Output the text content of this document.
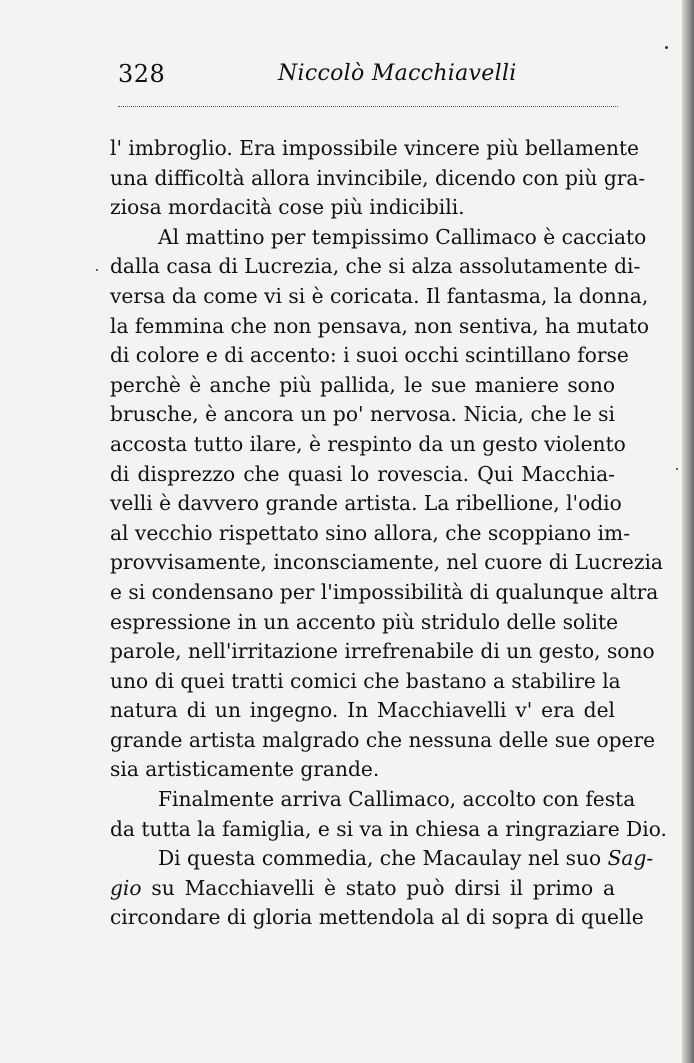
328	Niccolò Macchiavelli

l' imbroglio. Era impossibile vincere più bellamente
una difficoltà allora invincibile, dicendo con più gra-
ziosa mordacità cose più indicibili.

Al mattino per tempissimo Callimaco è cacciato
dalla casa di Lucrezia, che si alza assolutamente di-
versa da come vi si è coricata. Il fantasma, la donna,
la femmina che non pensava, non sentiva, ha mutato
di colore e di accento: i suoi occhi scintillano forse
perchè è anche più pallida, le sue maniere sono
brusche, è ancora un po' nervosa. Nicia, che le si
accosta tutto ilare, è respinto da un gesto violento
di disprezzo che quasi lo rovescia. Qui Macchia-
velli è davvero grande artista. La ribellione, l'odio
al vecchio rispettato sino allora, che scoppiano im-
provvisamente, inconsciamente, nel cuore di Lucrezia
e si condensano per l'impossibilità di qualunque altra
espressione in un accento più stridulo delle solite
parole, nell'irritazione irrefrenabile di un gesto, sono
uno di quei tratti comici che bastano a stabilire la
natura di un ingegno. In Macchiavelli v' era del
grande artista malgrado che nessuna delle sue opere
sia artisticamente grande.

Finalmente arriva Callimaco, accolto con festa
da tutta la famiglia, e si va in chiesa a ringraziare Dio.

Di questa commedia, che Macaulay nel suo Sag-
gio su Macchiavelli è stato può dirsi il primo a
circondare di gloria mettendola al di sopra di quelle
